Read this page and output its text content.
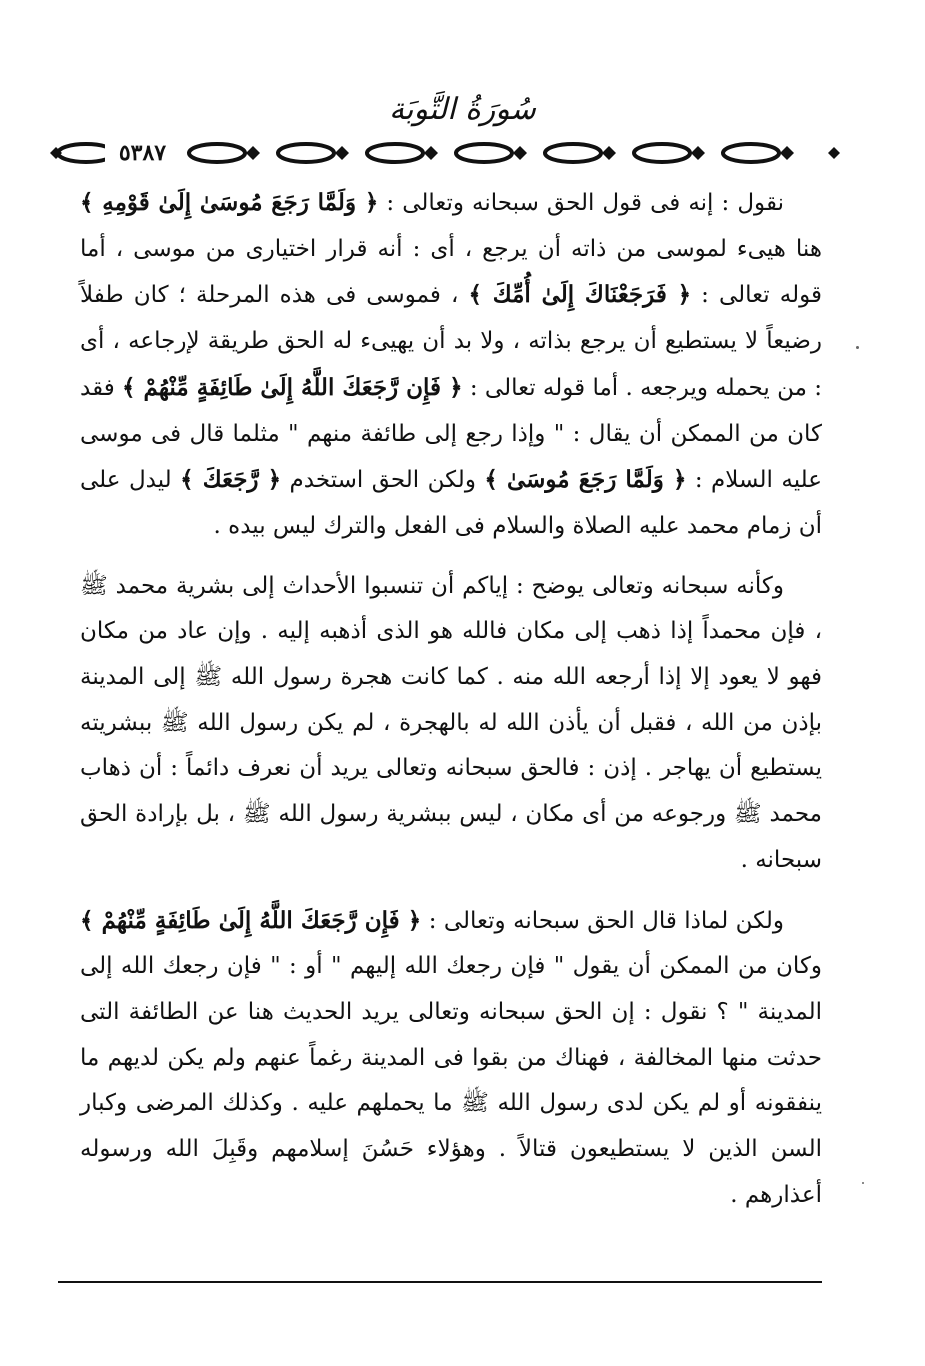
سُورَةُ التَّوبَة
٥٣٨٧

نقول : إنه فى قول الحق سبحانه وتعالى : ﴿ وَلَمَّا رَجَعَ مُوسَىٰ إِلَىٰ قَوْمِهِ ﴾ هنا هيىء لموسى من ذاته أن يرجع ، أى : أنه قرار اختيارى من موسى ، أما قوله تعالى : ﴿ فَرَجَعْنَاكَ إِلَىٰ أُمِّكَ ﴾ ، فموسى فى هذه المرحلة ؛ كان طفلاً رضيعاً لا يستطيع أن يرجع بذاته ، ولا بد أن يهيىء له الحق طريقة لإرجاعه ، أى : من يحمله ويرجعه . أما قوله تعالى : ﴿ فَإِن رَّجَعَكَ اللَّهُ إِلَىٰ طَائِفَةٍ مِّنْهُمْ ﴾ فقد كان من الممكن أن يقال : " وإذا رجع إلى طائفة منهم " مثلما قال فى موسى عليه السلام : ﴿ وَلَمَّا رَجَعَ مُوسَىٰ ﴾ ولكن الحق استخدم ﴿ رَّجَعَكَ ﴾ ليدل على أن زمام محمد عليه الصلاة والسلام فى الفعل والترك ليس بيده .

وكأنه سبحانه وتعالى يوضح : إياكم أن تنسبوا الأحداث إلى بشرية محمد ﷺ ، فإن محمداً إذا ذهب إلى مكان فالله هو الذى أذهبه إليه . وإن عاد من مكان فهو لا يعود إلا إذا أرجعه الله منه . كما كانت هجرة رسول الله ﷺ إلى المدينة بإذن من الله ، فقبل أن يأذن الله له بالهجرة ، لم يكن رسول الله ﷺ ببشريته يستطيع أن يهاجر . إذن : فالحق سبحانه وتعالى يريد أن نعرف دائماً : أن ذهاب محمد ﷺ ورجوعه من أى مكان ، ليس ببشرية رسول الله ﷺ ، بل بإرادة الحق سبحانه .

ولكن لماذا قال الحق سبحانه وتعالى : ﴿ فَإِن رَّجَعَكَ اللَّهُ إِلَىٰ طَائِفَةٍ مِّنْهُمْ ﴾ وكان من الممكن أن يقول " فإن رجعك الله إليهم " أو : " فإن رجعك الله إلى المدينة " ؟ نقول : إن الحق سبحانه وتعالى يريد الحديث هنا عن الطائفة التى حدثت منها المخالفة ، فهناك من بقوا فى المدينة رغماً عنهم ولم يكن لديهم ما ينفقونه أو لم يكن لدى رسول الله ﷺ ما يحملهم عليه . وكذلك المرضى وكبار السن الذين لا يستطيعون قتالاً . وهؤلاء حَسُنَ إسلامهم وقَبِلَ الله ورسوله أعذارهم .
